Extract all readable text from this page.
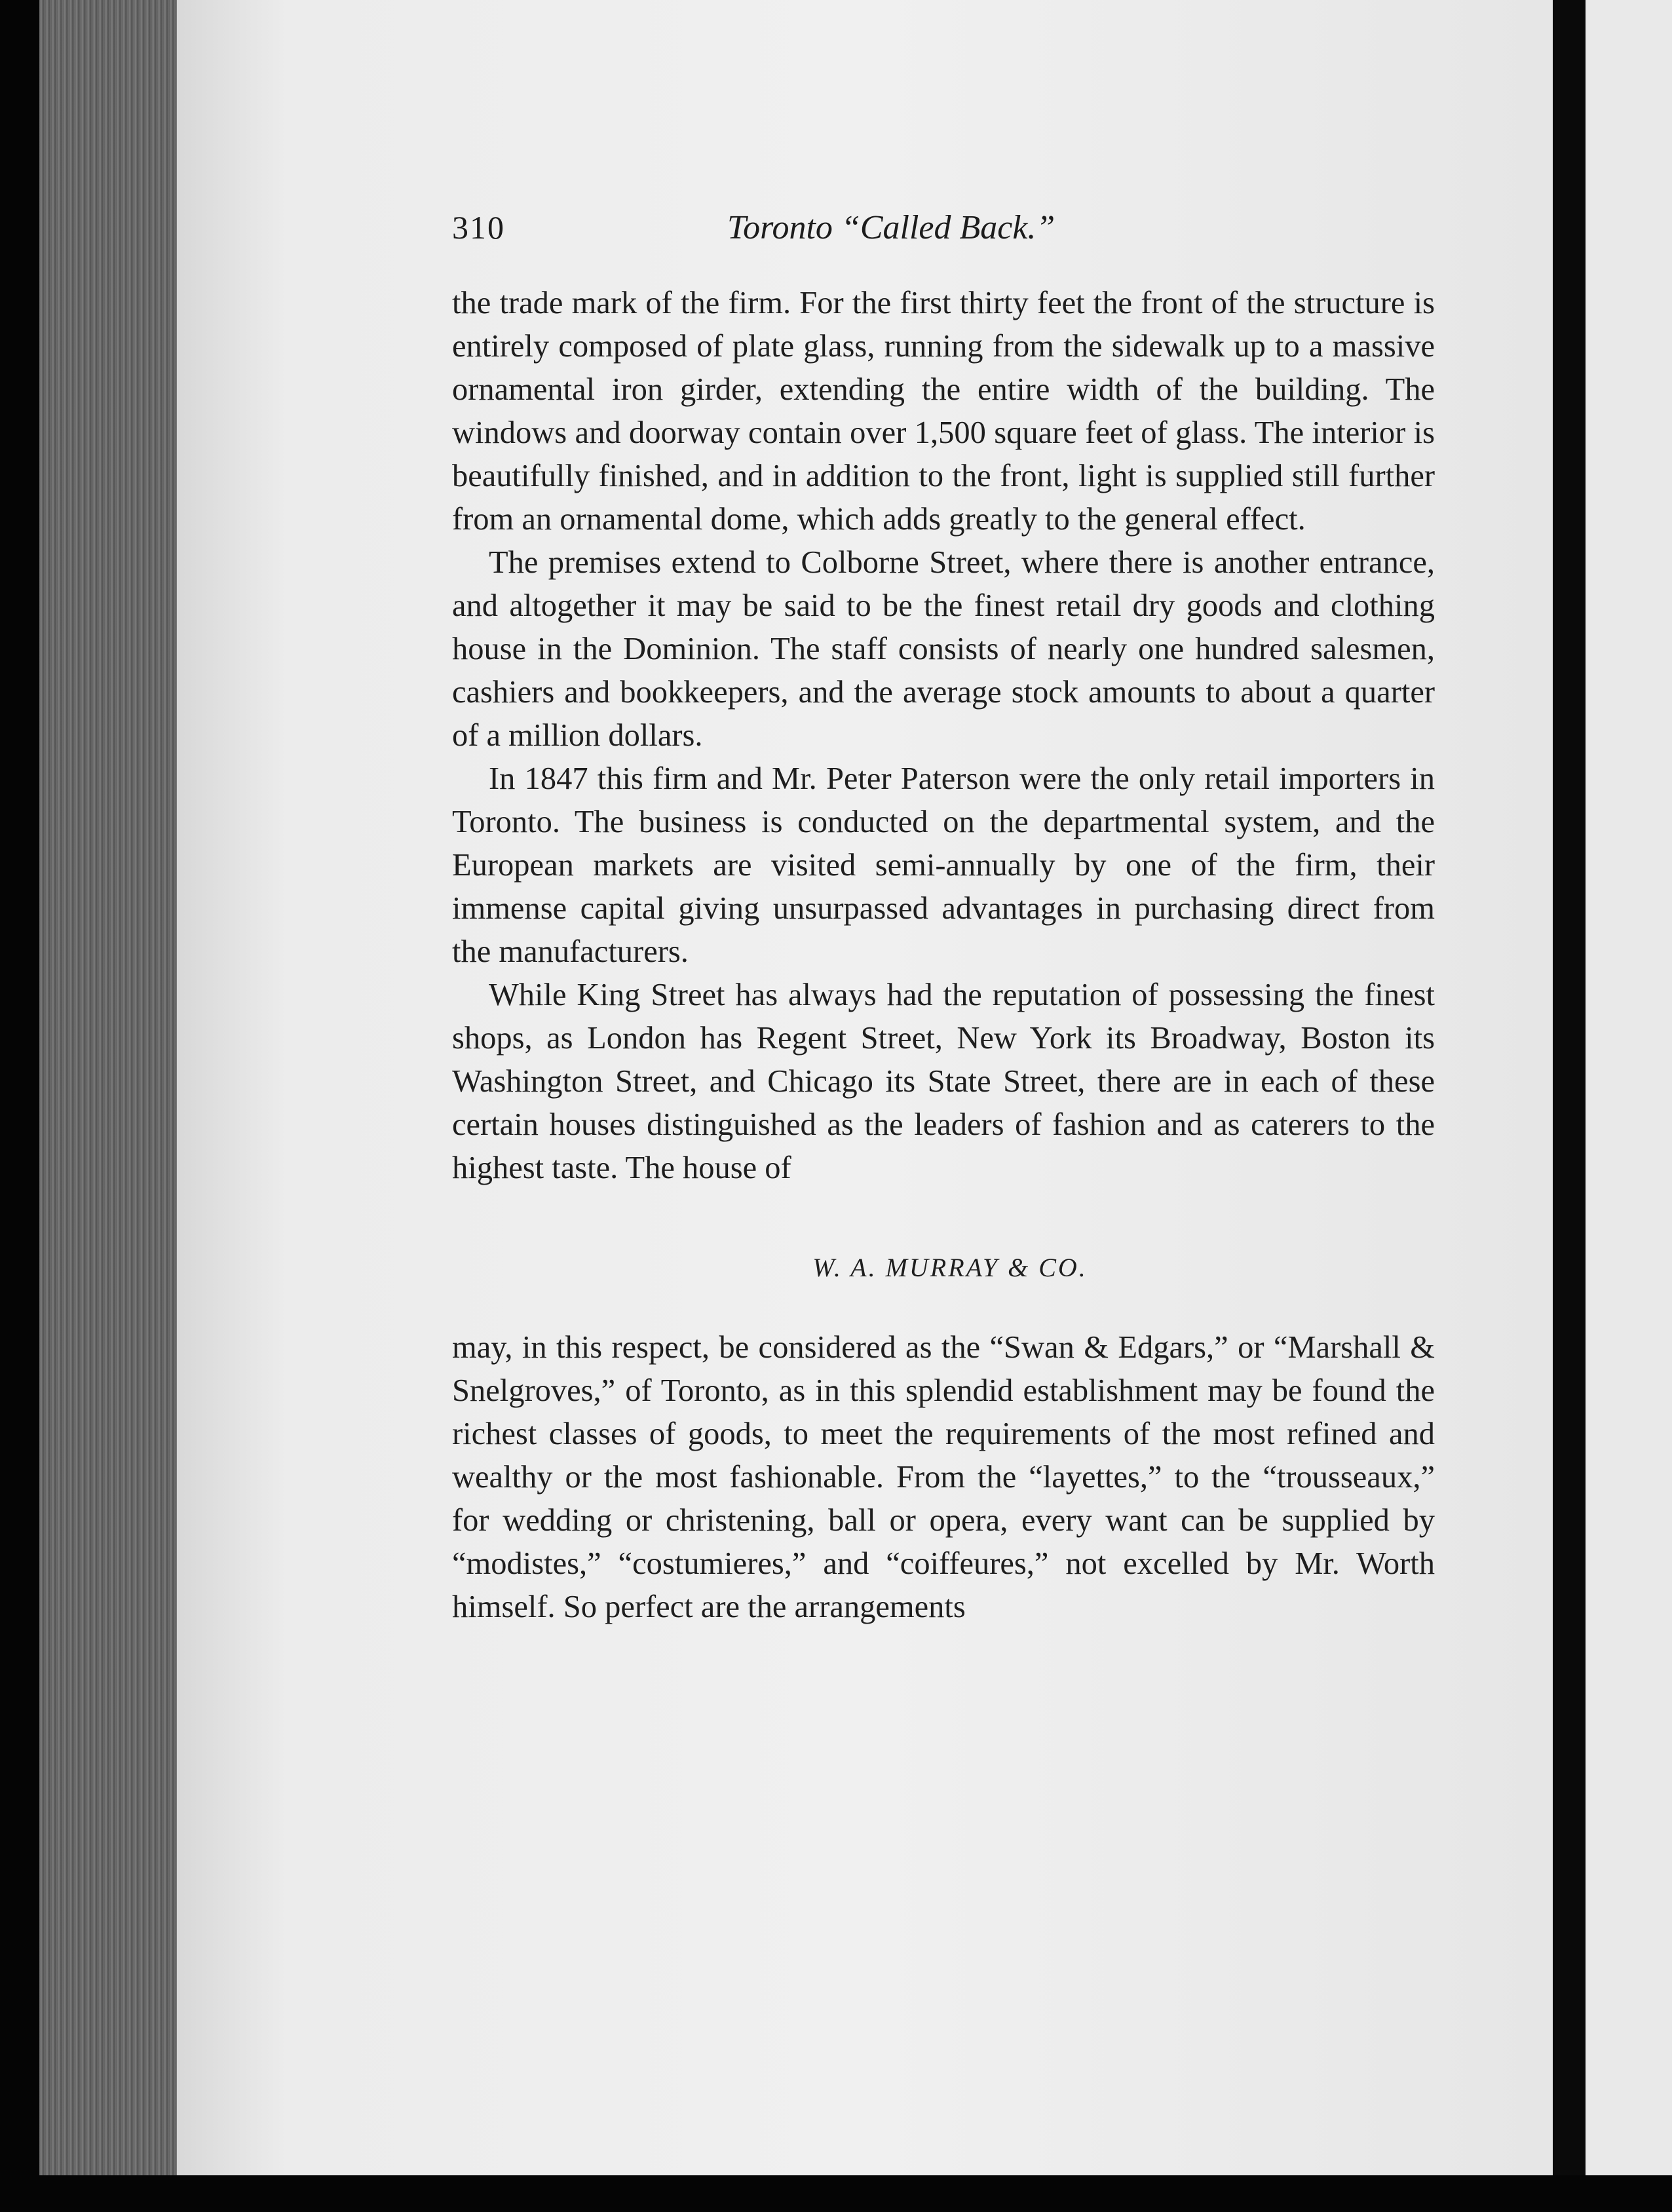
310	Toronto “Called Back.”

the trade mark of the firm. For the first thirty feet the front of the structure is entirely composed of plate glass, running from the sidewalk up to a massive ornamental iron girder, extending the entire width of the building. The windows and doorway contain over 1,500 square feet of glass. The interior is beautifully finished, and in addition to the front, light is supplied still further from an ornamental dome, which adds greatly to the general effect.

The premises extend to Colborne Street, where there is another entrance, and altogether it may be said to be the finest retail dry goods and clothing house in the Dominion. The staff consists of nearly one hundred salesmen, cashiers and bookkeepers, and the average stock amounts to about a quarter of a million dollars.

In 1847 this firm and Mr. Peter Paterson were the only retail importers in Toronto. The business is conducted on the departmental system, and the European markets are visited semi-annually by one of the firm, their immense capital giving unsurpassed advantages in purchasing direct from the manufacturers.

While King Street has always had the reputation of possessing the finest shops, as London has Regent Street, New York its Broadway, Boston its Washington Street, and Chicago its State Street, there are in each of these certain houses distinguished as the leaders of fashion and as caterers to the highest taste. The house of

W. A. MURRAY & CO.

may, in this respect, be considered as the “Swan & Edgars,” or “Marshall & Snelgroves,” of Toronto, as in this splendid establishment may be found the richest classes of goods, to meet the requirements of the most refined and wealthy or the most fashionable. From the “layettes,” to the “trousseaux,” for wedding or christening, ball or opera, every want can be supplied by “modistes,” “costumieres,” and “coiffeures,” not excelled by Mr. Worth himself. So perfect are the arrangements
